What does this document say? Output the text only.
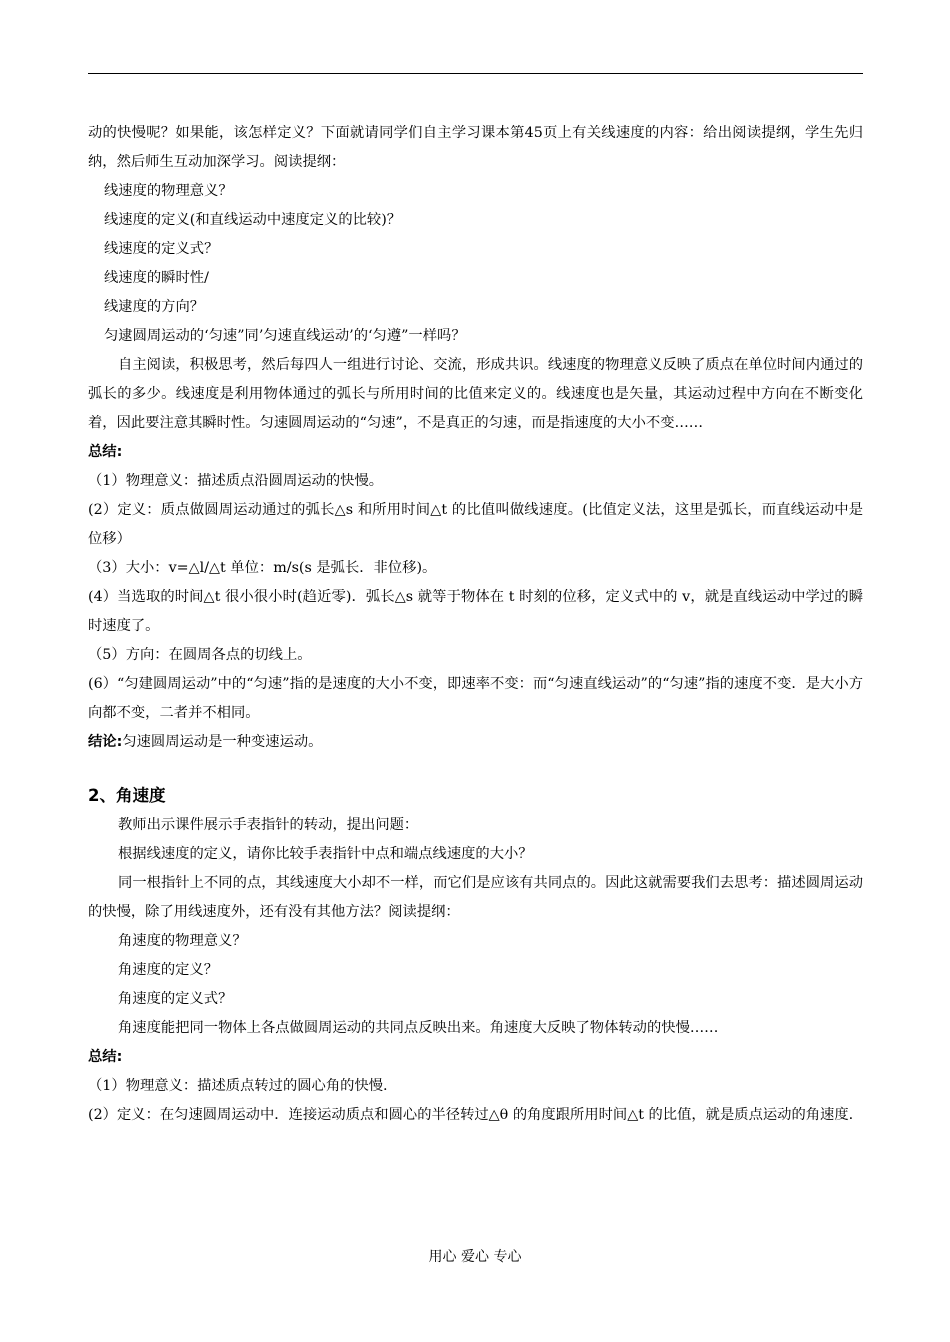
动的快慢呢？如果能，该怎样定义？下面就请同学们自主学习课本第45页上有关线速度的内容：给出阅读提纲，学生先归纳，然后师生互动加深学习。阅读提纲：

线速度的物理意义？

线速度的定义(和直线运动中速度定义的比较)？

线速度的定义式？

线速度的瞬时性/

线逮度的方向？

匀逮圆周运动的‘匀速”同’匀速直线运动’的‘匀遵”一样吗？

自主阅读，积极思考，然后每四人一组进行讨论、交流，形成共识。线速度的物理意义反映了质点在单位时间内通过的弧长的多少。线速度是利用物体通过的弧长与所用时间的比值来定义的。线速度也是矢量，其运动过程中方向在不断变化着，因此要注意其瞬时性。匀速圆周运动的“匀速”，不是真正的匀速，而是指速度的大小不变……

总结:

（1）物理意义：描述质点沿圆周运动的快慢。

(2）定义：质点做圆周运动通过的弧长△s 和所用时间△t 的比值叫做线速度。(比值定义法，这里是弧长，而直线运动中是位移）

（3）大小：v=△l/△t 单位：m/s(s 是弧长．非位移)。

(4）当选取的时间△t 很小很小时(趋近零)．弧长△s 就等于物体在 t 时刻的位移，定义式中的 v，就是直线运动中学过的瞬时速度了。

（5）方向：在圆周各点的切线上。

(6）“匀建圆周运动”中的“匀速”指的是速度的大小不变，即速率不变：而“匀速直线运动”的“匀速”指的速度不变．是大小方向都不变，二者并不相同。

结论:匀速圆周运动是一种变速运动。

2、角速度

教师出示课件展示手表指针的转动，提出问题：

根据线速度的定义，请你比较手表指针中点和端点线速度的大小？

同一根指针上不同的点，其线速度大小却不一样，而它们是应该有共同点的。因此这就需要我们去思考：描述圆周运动的快慢，除了用线速度外，还有没有其他方法？阅读提纲：

角速度的物理意义？

角速度的定义？

角速度的定义式？

角速度能把同一物体上各点做圆周运动的共同点反映出来。角速度大反映了物体转动的快慢……

总结:

（1）物理意义：描述质点转过的圆心角的快慢.

(2）定义：在匀速圆周运动中．连接运动质点和圆心的半径转过△θ 的角度跟所用时间△t 的比值，就是质点运动的角速度.

用心 爱心 专心
